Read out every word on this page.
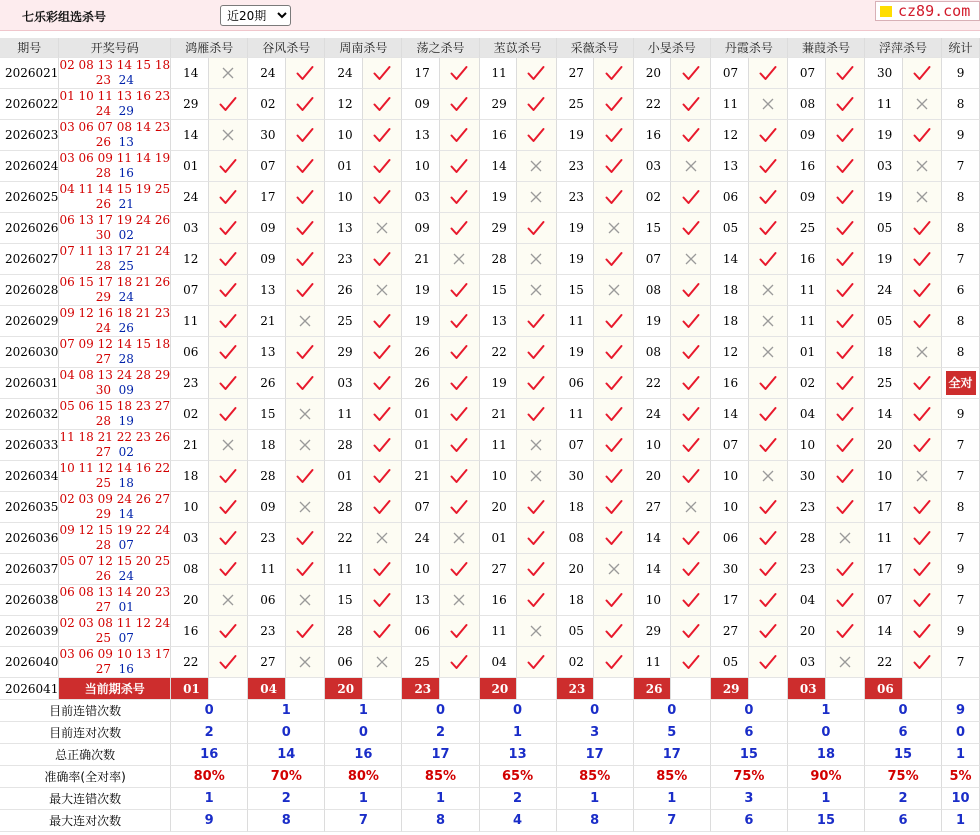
七乐彩组选杀号
近20期	cz89.com
期号	开奖号码	鸿雁杀号		谷风杀号		周南杀号		荡之杀号		苤苡杀号		采薇杀号		小旻杀号		丹霞杀号		蒹葭杀号		浮萍杀号		统计
2026021	02 08 13 14 15 18
23 24	14		24		24		17		11		27		20		07		07		30		9
2026022	01 10 11 13 16 23
24 29	29		02		12		09		29		25		22		11		08		11		8
2026023	03 06 07 08 14 23
26 13	14		30		10		13		16		19		16		12		09		19		9
2026024	03 06 09 11 14 19
28 16	01		07		01		10		14		23		03		13		16		03		7
2026025	04 11 14 15 19 25
26 21	24		17		10		03		19		23		02		06		09		19		8
2026026	06 13 17 19 24 26
30 02	03		09		13		09		29		19		15		05		25		05		8
2026027	07 11 13 17 21 24
28 25	12		09		23		21		28		19		07		14		16		19		7
2026028	06 15 17 18 21 26
29 24	07		13		26		19		15		15		08		18		11		24		6
2026029	09 12 16 18 21 23
24 26	11		21		25		19		13		11		19		18		11		05		8
2026030	07 09 12 14 15 18
27 28	06		13		29		26		22		19		08		12		01		18		8
2026031	04 08 13 24 28 29
30 09	23		26		03		26		19		06		22		16		02		25		全对
2026032	05 06 15 18 23 27
28 19	02		15		11		01		21		11		24		14		04		14		9
2026033	11 18 21 22 23 26
27 02	21		18		28		01		11		07		10		07		10		20		7
2026034	10 11 12 14 16 22
25 18	18		28		01		21		10		30		20		10		30		10		7
2026035	02 03 09 24 26 27
29 14	10		09		28		07		20		18		27		10		23		17		8
2026036	09 12 15 19 22 24
28 07	03		23		22		24		01		08		14		06		28		11		7
2026037	05 07 12 15 20 25
26 24	08		11		11		10		27		20		14		30		23		17		9
2026038	06 08 13 14 20 23
27 01	20		06		15		13		16		18		10		17		04		07		7
2026039	02 03 08 11 12 24
25 07	16		23		28		06		11		05		29		27		20		14		9
2026040	03 06 09 10 13 17
27 16	22		27		06		25		04		02		11		05		03		22		7
2026041	当前期杀号	01		04		20		23		20		23		26		29		03		06		
目前连错次数		0		1		1		0		0		0		0		0		1		0		9
目前连对次数		2		0		0		2		1		3		5		6		0		6		0
总正确次数		16		14		16		17		13		17		17		15		18		15		1
准确率(全对率)		80%		70%		80%		85%		65%		85%		85%		75%		90%		75%		5%
最大连错次数		1		2		1		1		2		1		1		3		1		2		10
最大连对次数		9		8		7		8		4		8		7		6		15		6		1
